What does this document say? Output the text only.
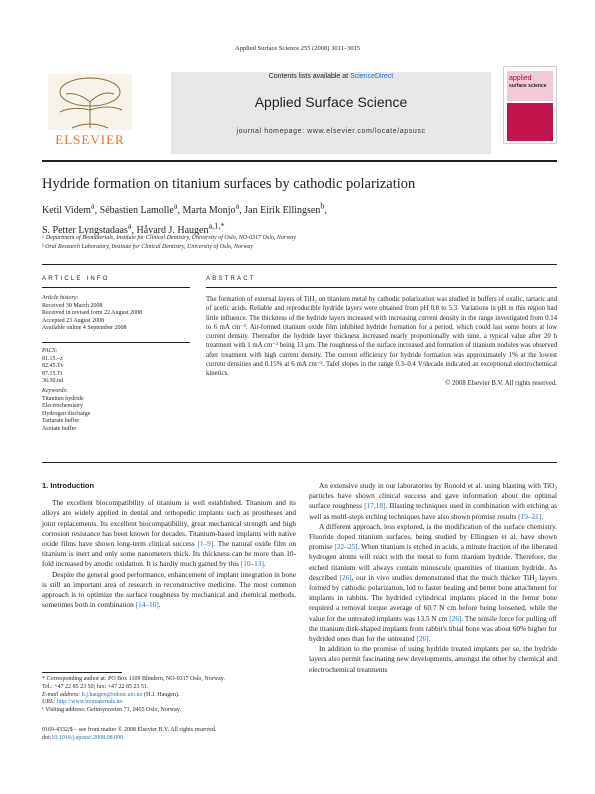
Applied Surface Science 255 (2008) 3011–3015
ELSEVIER
Contents lists available at ScienceDirect
Applied Surface Science
journal homepage: www.elsevier.com/locate/apsusc
applied
surface science
Hydride formation on titanium surfaces by cathodic polarization
Ketil Videm$^a$, Sébastien Lamolle$^a$, Marta Monjo$^a$, Jan Eirik Ellingsen$^b$,
S. Petter Lyngstadaas$^a$, Håvard J. Haugen$^{a,1,*}$
ᵃ Department of Biomaterials, Institute for Clinical Dentistry, University of Oslo, NO-0317 Oslo, Norway
ᵇ Oral Research Laboratory, Institute for Clinical Dentistry, University of Oslo, Norway
ARTICLE INFO	ABSTRACT
Article history:
Received 30 March 2008
Received in revised form 22 August 2008
Accepted 23 August 2008
Available online 4 September 2008
PACS:
81.15.–z
82.45.Tv
87.15.Tt
36.30.nd
Keywords:
Titanium hydride
Electrochemistry
Hydrogen discharge
Tartarate buffer
Acetate buffer
The formation of external layers of TiH₂ on titanium metal by cathodic polarization was studied in buffers of oxalic, tartaric and of acetic acids. Reliable and reproducible hydride layers were obtained from pH 0.8 to 5.3. Variations in pH in this region had little influence. The thickness of the hydride layers increased with increasing current density in the range investigated from 0.14 to 6 mA cm⁻². Air-formed titanium oxide film inhibited hydride formation for a period, which could last some hours at low current density. Thereafter the hydride layer thickness increased nearly proportionally with time, a typical value after 20 h treatment with 1 mA cm⁻² being 13 μm. The roughness of the surface increased and formation of titanium nodules was observed after treatment with high current density. The current efficiency for hydride formation was approximately 1% at the lowest current densities and 0.15% at 6 mA cm⁻². Tafel slopes in the range 0.3–0.4 V/decade indicated an exceptional electrochemical kinetics.
© 2008 Elsevier B.V. All rights reserved.
1. Introduction

The excellent biocompatibility of titanium is well established. Titanium and its alloys are widely applied in dental and orthopedic implants such as prostheses and joint replacements. Its excellent biocompatibility, great mechanical strength and high corrosion resistance has been known for decades. Titanium-based implants with native oxide films have shown long-term clinical success [1–9]. The natural oxide film on titanium is inert and only some nanometers thick. Its thickness can be more than 10-fold increased by anodic oxidation. It is hardly much gained by this [10–13].

Despite the general good performance, enhancement of implant integration in bone is still an important area of research in reconstructive medicine. The most common approach is to optimize the surface roughness by mechanical and chemical methods, sometimes both in combination [14–16].

An extensive study in our laboratories by Ronold et al. using blasting with TiO₂ particles have shown clinical success and gave information about the optimal surface roughness [17,18]. Blasting techniques used in combination with etching as well as multi-steps etching techniques have also shown promise results [19–21].

A different approach, less explored, is the modification of the surface chemistry. Fluoride doped titanium surfaces, being studied by Ellingsen et al. have shown promise [22–25]. When titanium is etched in acids, a minute fraction of the liberated hydrogen atoms will react with the metal to form titanium hydride. Therefore, the etched titanium will always contain minuscule quantities of titanium hydride. As described [26], our in vivo studies demonstrated that the much thicker TiH₂ layers formed by cathodic polarization, led to faster healing and better bone attachment for implants in rabbits. The hydrided cylindrical implants placed in the femur bone required a removal torque average of 60.7 N cm before being loosened, while the value for the untreated implants was 13.5 N cm [26]. The tensile force for pulling off the titanium disk-shaped implants from rabbit's tibial bone was about 60% higher for hydrided ones than for the untreated [26].

In addition to the promise of using hydride treated implants per se, the hydride layers also permit fascinating new developments, amongst the other by chemical and electrochemical treatments

* Corresponding author at: PO Box 1109 Blindern, NO-0317 Oslo, Norway.
Tel.: +47 22 85 23 50; fax: +47 22 85 23 51.
E-mail address: h.j.haugen@odont.uio.no (H.J. Haugen).
URL: http://www.biomaterials.no
¹ Visiting address: Geitmyrsveien 71, 0455 Oslo, Norway.
0169-4332/$ – see front matter © 2008 Elsevier B.V. All rights reserved.
doi:10.1016/j.apsusc.2008.08.090
